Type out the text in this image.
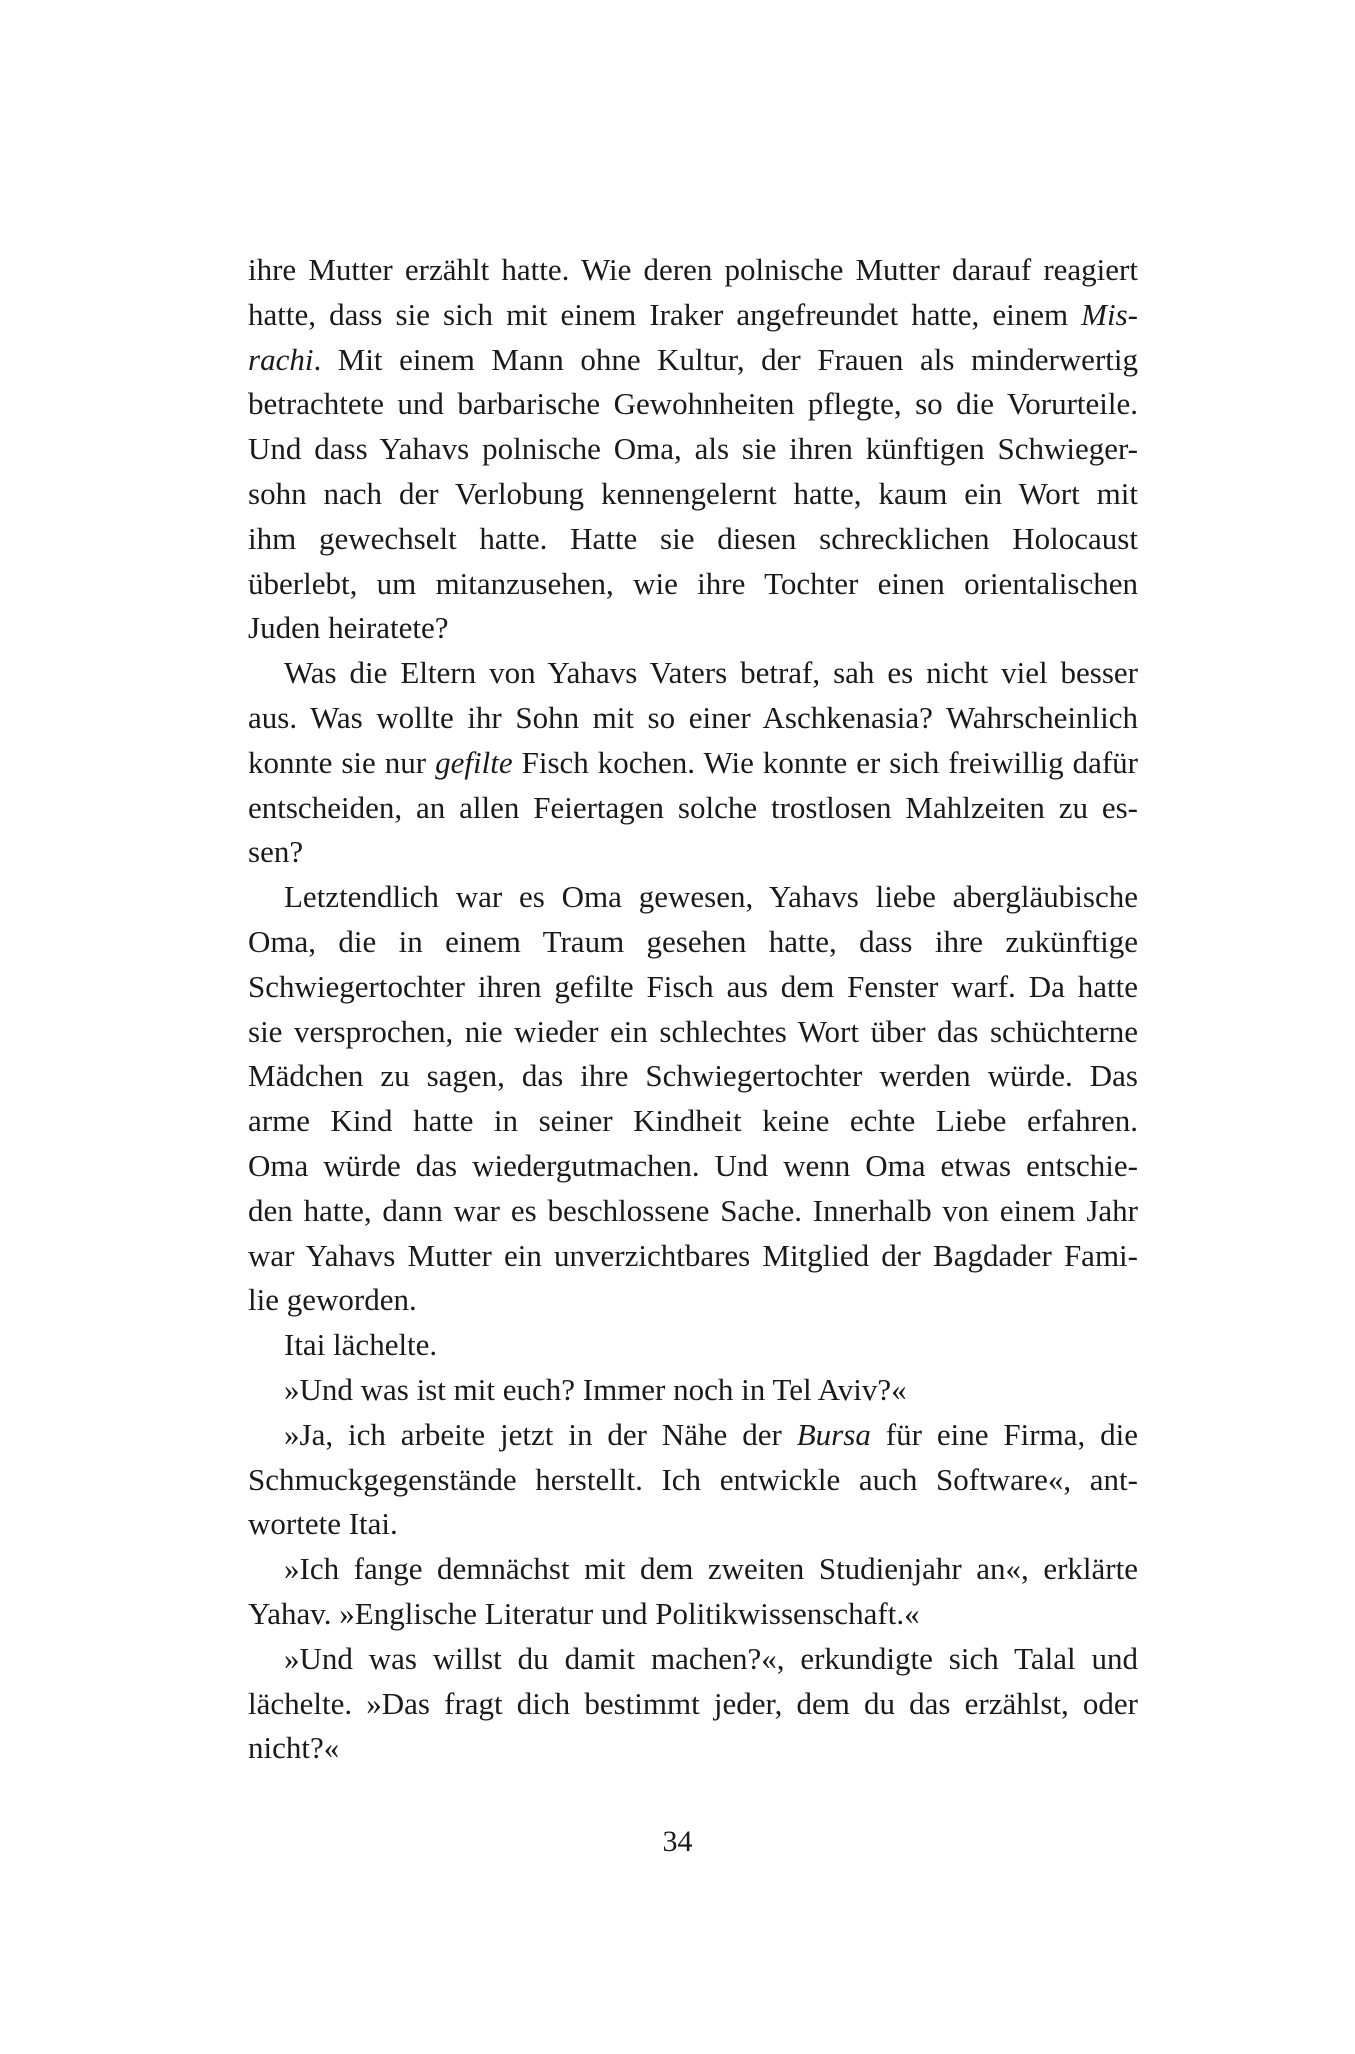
ihre Mutter erzählt hatte. Wie deren polnische Mutter darauf reagiert
hatte, dass sie sich mit einem Iraker angefreundet hatte, einem Mis-
rachi. Mit einem Mann ohne Kultur, der Frauen als minderwertig
betrachtete und barbarische Gewohnheiten pflegte, so die Vorurteile.
Und dass Yahavs polnische Oma, als sie ihren künftigen Schwieger-
sohn nach der Verlobung kennengelernt hatte, kaum ein Wort mit
ihm gewechselt hatte. Hatte sie diesen schrecklichen Holocaust
überlebt, um mitanzusehen, wie ihre Tochter einen orientalischen
Juden heiratete?
Was die Eltern von Yahavs Vaters betraf, sah es nicht viel besser
aus. Was wollte ihr Sohn mit so einer Aschkenasia? Wahrscheinlich
konnte sie nur gefilte Fisch kochen. Wie konnte er sich freiwillig dafür
entscheiden, an allen Feiertagen solche trostlosen Mahlzeiten zu es-
sen?
Letztendlich war es Oma gewesen, Yahavs liebe abergläubische
Oma, die in einem Traum gesehen hatte, dass ihre zukünftige
Schwiegertochter ihren gefilte Fisch aus dem Fenster warf. Da hatte
sie versprochen, nie wieder ein schlechtes Wort über das schüchterne
Mädchen zu sagen, das ihre Schwiegertochter werden würde. Das
arme Kind hatte in seiner Kindheit keine echte Liebe erfahren.
Oma würde das wiedergutmachen. Und wenn Oma etwas entschie-
den hatte, dann war es beschlossene Sache. Innerhalb von einem Jahr
war Yahavs Mutter ein unverzichtbares Mitglied der Bagdader Fami-
lie geworden.
Itai lächelte.
»Und was ist mit euch? Immer noch in Tel Aviv?«
»Ja, ich arbeite jetzt in der Nähe der Bursa für eine Firma, die
Schmuckgegenstände herstellt. Ich entwickle auch Software«, ant-
wortete Itai.
»Ich fange demnächst mit dem zweiten Studienjahr an«, erklärte
Yahav. »Englische Literatur und Politikwissenschaft.«
»Und was willst du damit machen?«, erkundigte sich Talal und
lächelte. »Das fragt dich bestimmt jeder, dem du das erzählst, oder
nicht?«
34
